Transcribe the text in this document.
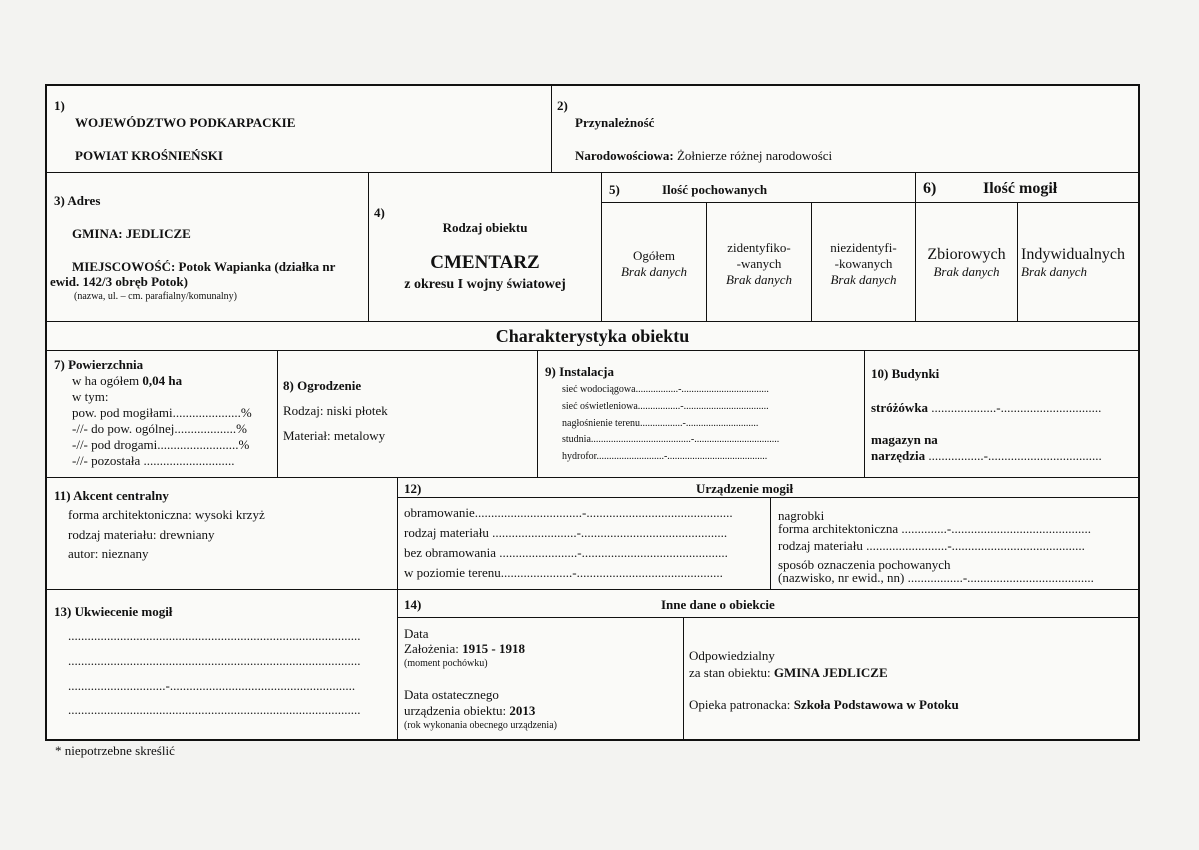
1)
WOJEWÓDZTWO PODKARPACKIE
POWIAT KROŚNIEŃSKI
2)
Przynależność
Narodowościowa: Żołnierze różnej narodowości
3) Adres
GMINA: JEDLICZE
MIEJSCOWOŚĆ: Potok Wapianka (działka nr
ewid. 142/3 obręb Potok)
(nazwa, ul. – cm. parafialny/komunalny)
4)
Rodzaj obiektu
CMENTARZ
z okresu I wojny światowej
5)	Ilość pochowanych
Ogółem
Brak danych
zidentyfiko-
-wanych
Brak danych
niezidentyfi-
-kowanych
Brak danych
6)	Ilość mogił
Zbiorowych
Brak danych
Indywidualnych
Brak danych
Charakterystyka obiektu
7) Powierzchnia
w ha ogółem 0,04 ha
w tym:
pow. pod mogiłami.....................%
-//- do pow. ogólnej...................%
-//- pod drogami.........................%
-//- pozostała ............................
8) Ogrodzenie
Rodzaj: niski płotek
Materiał: metalowy
9) Instalacja
sieć wodociągowa.................-...................................
sieć oświetleniowa.................-..................................
nagłośnienie terenu.................-.............................
studnia........................................-..................................
hydrofor...........................-........................................
10) Budynki
stróżówka ....................-...............................
magazyn na
narzędzia .................-...................................
11) Akcent centralny
forma architektoniczna: wysoki krzyż
rodzaj materiału: drewniany
autor: nieznany
12)	Urządzenie mogił
obramowanie.................................-.............................................
rodzaj materiału ..........................-.............................................
bez obramowania ........................-.............................................
w poziomie terenu......................-.............................................
nagrobki
forma architektoniczna ..............-...........................................
rodzaj materiału .........................-.........................................
sposób oznaczenia pochowanych
(nazwisko, nr ewid., nn) .................-.......................................
13) Ukwiecenie mogił
..........................................................................................
..........................................................................................
..............................-.........................................................
..........................................................................................
14)	Inne dane o obiekcie
Data
Założenia: 1915 - 1918
(moment pochówku)
Data ostatecznego
urządzenia obiektu: 2013
(rok wykonania obecnego urządzenia)
Odpowiedzialny
za stan obiektu: GMINA JEDLICZE
Opieka patronacka: Szkoła Podstawowa w Potoku
* niepotrzebne skreślić
